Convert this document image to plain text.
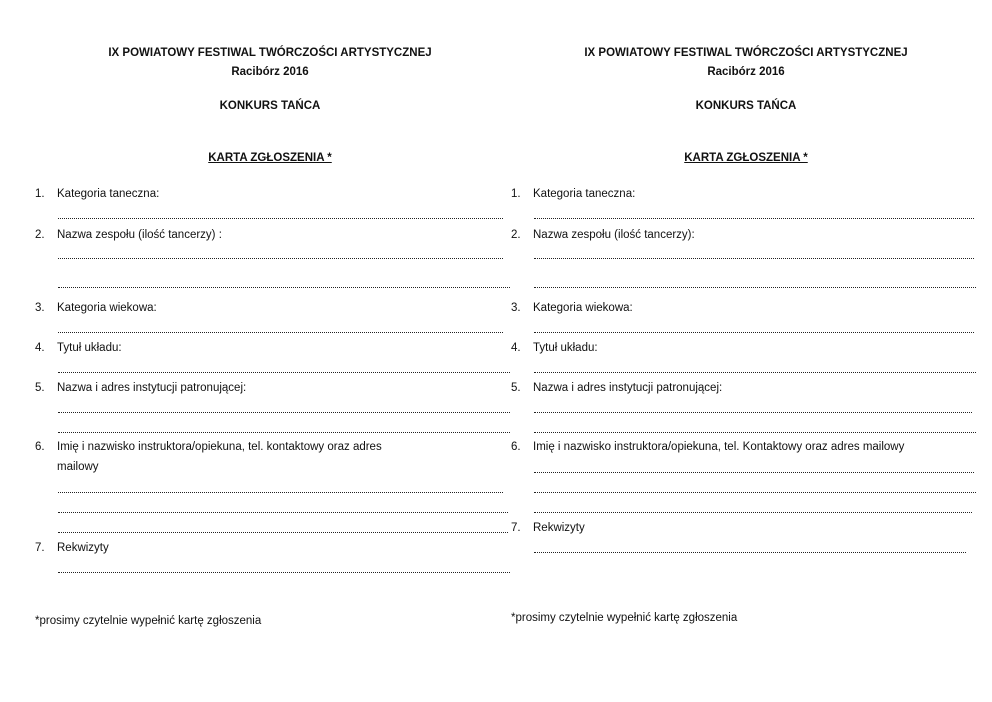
IX POWIATOWY FESTIWAL TWÓRCZOŚCI ARTYSTYCZNEJ
Racibórz 2016
KONKURS TAŃCA
KARTA ZGŁOSZENIA *
1. Kategoria taneczna:
2. Nazwa zespołu (ilość tancerzy) :
3. Kategoria wiekowa:
4. Tytuł układu:
5. Nazwa i adres instytucji patronującej:
6. Imię i nazwisko instruktora/opiekuna, tel. kontaktowy oraz adres
mailowy
7. Rekwizyty
*prosimy czytelnie wypełnić kartę zgłoszenia
IX POWIATOWY FESTIWAL TWÓRCZOŚCI ARTYSTYCZNEJ
Racibórz 2016
KONKURS TAŃCA
KARTA ZGŁOSZENIA *
1. Kategoria taneczna:
2. Nazwa zespołu (ilość tancerzy):
3. Kategoria wiekowa:
4. Tytuł układu:
5. Nazwa i adres instytucji patronującej:
6. Imię i nazwisko instruktora/opiekuna, tel. Kontaktowy oraz adres mailowy
7. Rekwizyty
*prosimy czytelnie wypełnić kartę zgłoszenia
